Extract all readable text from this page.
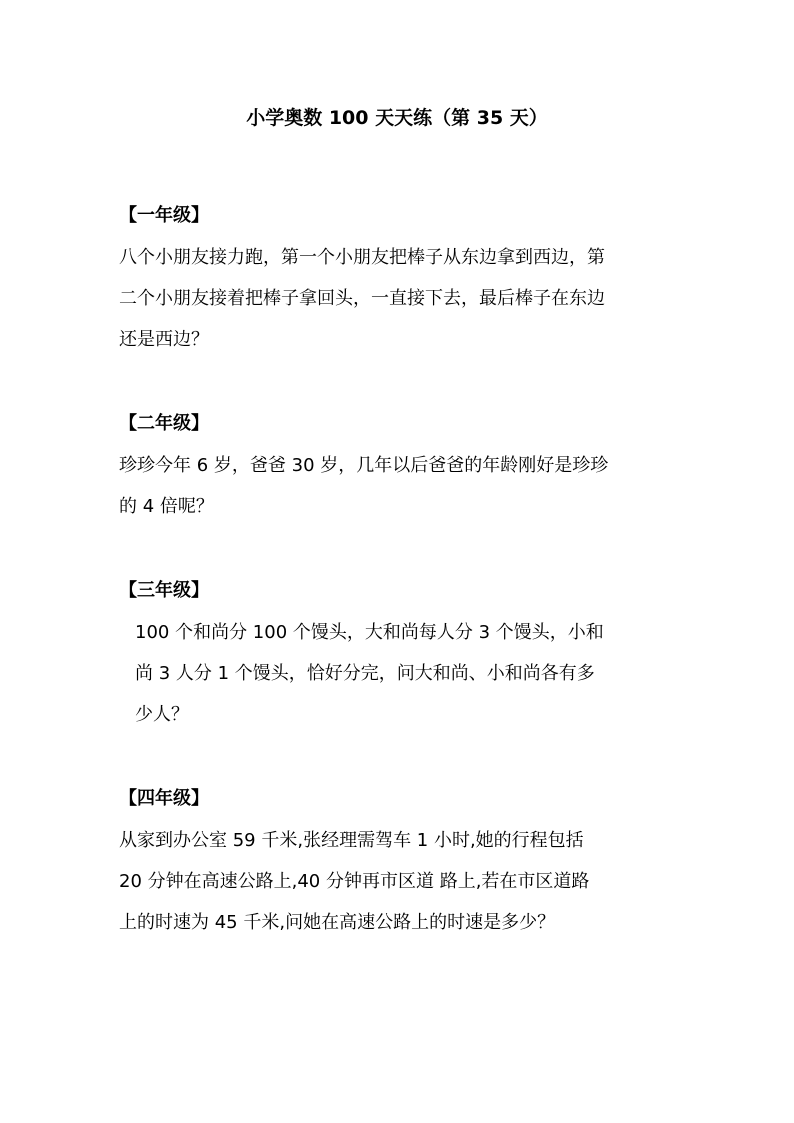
小学奥数 100 天天练（第 35 天）
【一年级】
八个小朋友接力跑，第一个小朋友把棒子从东边拿到西边，第
二个小朋友接着把棒子拿回头，一直接下去，最后棒子在东边
还是西边？
【二年级】
珍珍今年 6 岁，爸爸 30 岁，几年以后爸爸的年龄刚好是珍珍
的 4 倍呢？
【三年级】
100 个和尚分 100 个馒头，大和尚每人分 3 个馒头，小和
尚 3 人分 1 个馒头，恰好分完，问大和尚、小和尚各有多
少人？
【四年级】
从家到办公室 59 千米,张经理需驾车 1 小时,她的行程包括
20 分钟在高速公路上,40 分钟再市区道 路上,若在市区道路
上的时速为 45 千米,问她在高速公路上的时速是多少？
